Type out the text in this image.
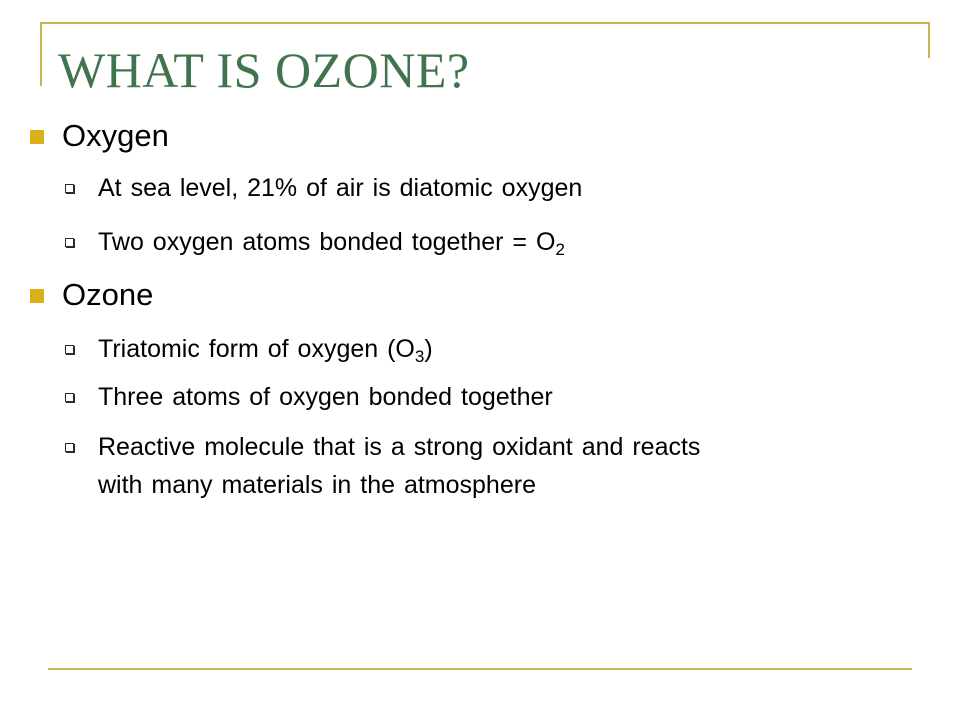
WHAT IS OZONE?
Oxygen
At sea level, 21% of air is diatomic oxygen
Two oxygen atoms bonded together = $O_2$
Ozone
Triatomic form of oxygen $(O_3)$
Three atoms of oxygen bonded together
Reactive molecule that is a strong oxidant and reacts
with many materials in the atmosphere
